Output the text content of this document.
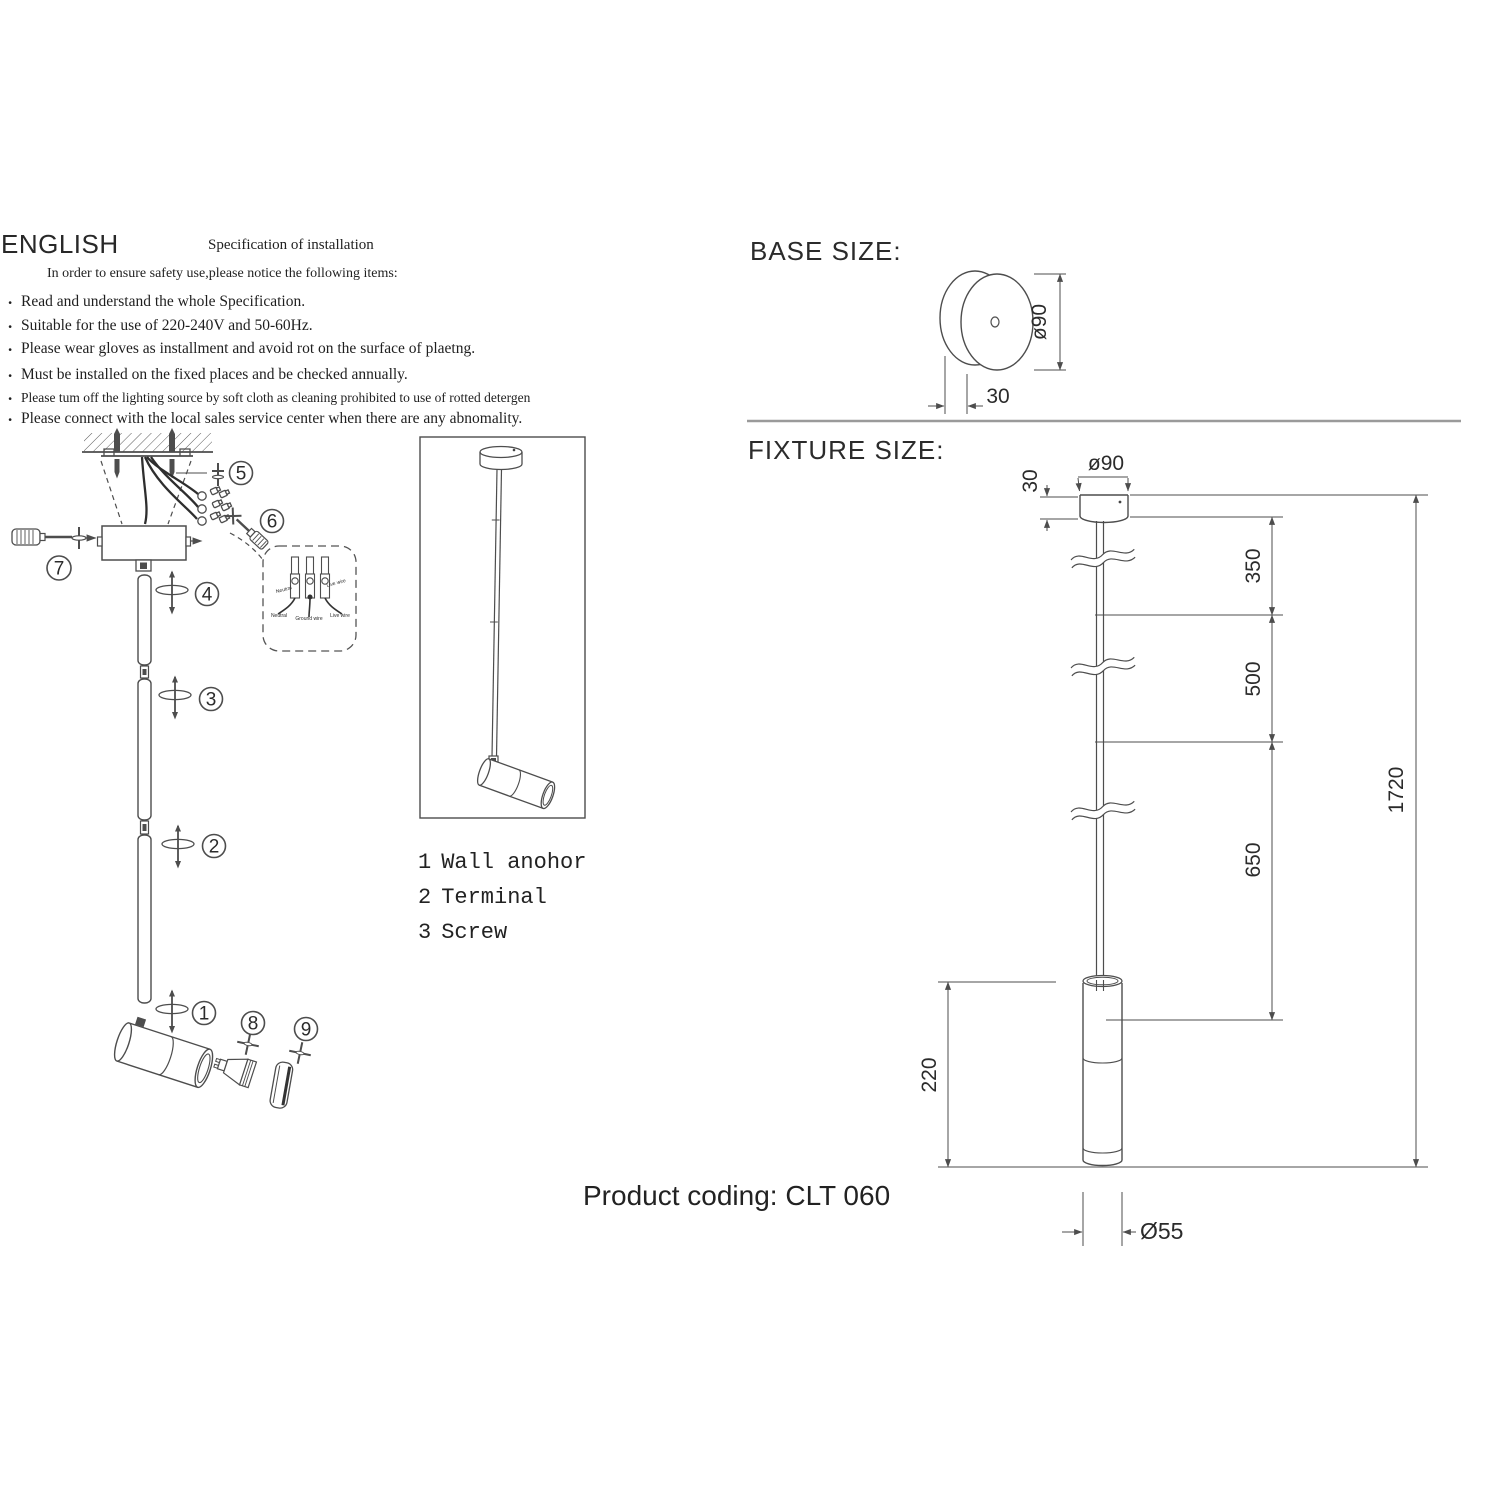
ENGLISH	Specification of installation
In order to ensure safety use,please notice the following items:
. Read and understand the whole Specification.
. Suitable for the use of 220-240V and 50-60Hz.
. Please wear gloves as installment and avoid rot on the surface of plaetng.
. Must be installed on the fixed places and be checked annually.
. Please tum off the lighting source by soft cloth as cleaning prohibited to use of rotted detergen
. Please connect with the local sales service center when there are any abnomality.
BASE SIZE:
FIXTURE SIZE:
1 Wall anohor
2 Terminal
3 Screw
Product coding: CLT 060
Neutral
Live wire
Neutral Ground wire Live wire
1
2
3
4
5
6
7
8 9
ø90
30
ø90
30
350
500
650
1720
220
Ø55
